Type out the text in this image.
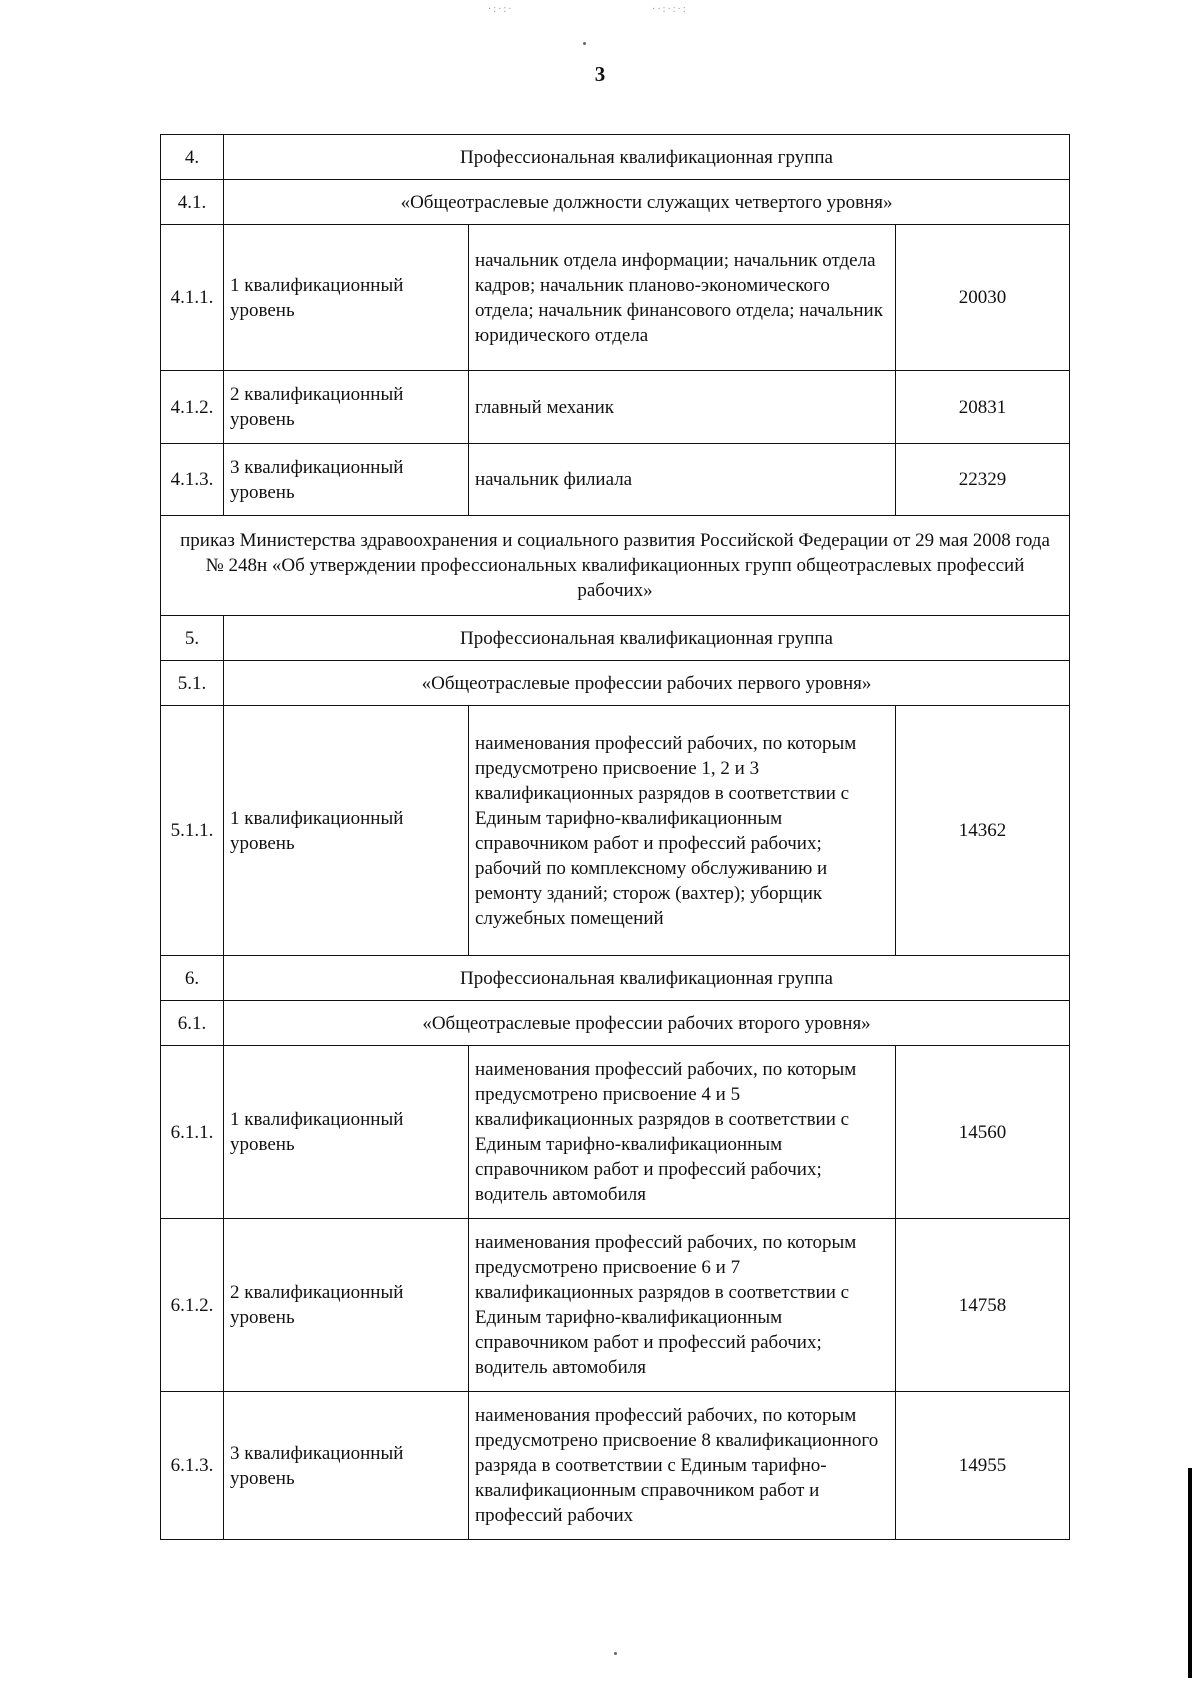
·:·:·	··:·:·:
3
4.	Профессиональная квалификационная группа		
4.1.	«Общеотраслевые должности служащих четвертого уровня»		
4.1.1.	1 квалификационный уровень	начальник отдела информации; начальник отдела кадров; начальник планово-экономического отдела; начальник финансового отдела; начальник юридического отдела	20030
4.1.2.	2 квалификационный уровень	главный механик	20831
4.1.3.	3 квалификационный уровень	начальник филиала	22329
приказ Министерства здравоохранения и социального развития Российской Федерации от 29 мая 2008 года № 248н «Об утверждении профессиональных квалификационных групп общеотраслевых профессий рабочих»			
5.	Профессиональная квалификационная группа		
5.1.	«Общеотраслевые профессии рабочих первого уровня»		
5.1.1.	1 квалификационный уровень	наименования профессий рабочих, по которым предусмотрено присвоение 1, 2 и 3 квалификационных разрядов в соответствии с Единым тарифно-квалификационным справочником работ и профессий рабочих; рабочий по комплексному обслуживанию и ремонту зданий; сторож (вахтер); уборщик служебных помещений	14362
6.	Профессиональная квалификационная группа		
6.1.	«Общеотраслевые профессии рабочих второго уровня»		
6.1.1.	1 квалификационный уровень	наименования профессий рабочих, по которым предусмотрено присвоение 4 и 5 квалификационных разрядов в соответствии с Единым тарифно-квалификационным справочником работ и профессий рабочих; водитель автомобиля	14560
6.1.2.	2 квалификационный уровень	наименования профессий рабочих, по которым предусмотрено присвоение 6 и 7 квалификационных разрядов в соответствии с Единым тарифно-квалификационным справочником работ и профессий рабочих; водитель автомобиля	14758
6.1.3.	3 квалификационный уровень	наименования профессий рабочих, по которым предусмотрено присвоение 8 квалификационного разряда в соответствии с Единым тарифно-квалификационным справочником работ и профессий рабочих	14955
